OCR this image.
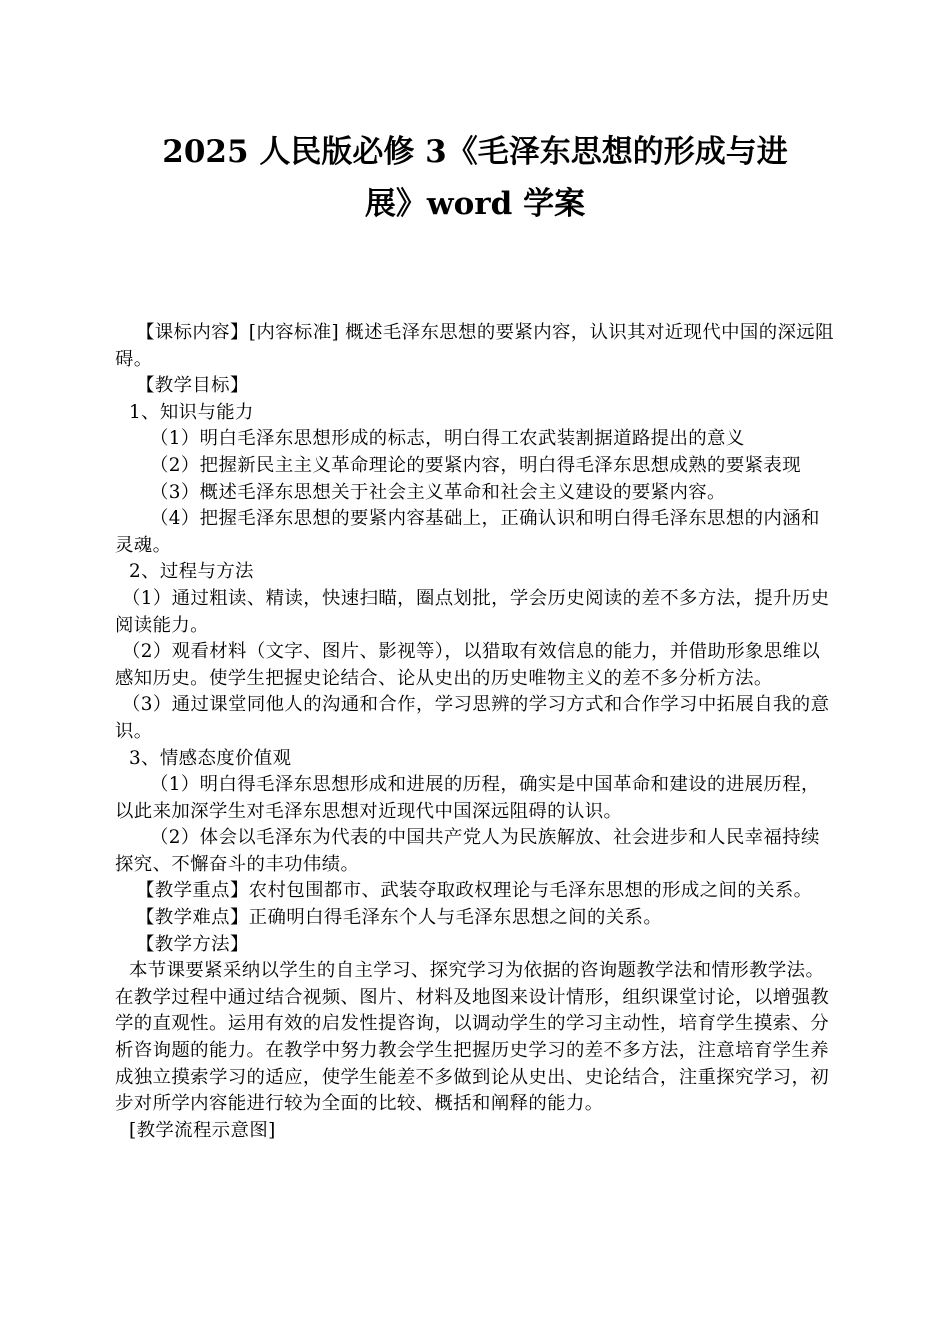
2025 人民版必修 3《毛泽东思想的形成与进
展》word 学案

【课标内容】[内容标准] 概述毛泽东思想的要紧内容，认识其对近现代中国的深远阻碍。

【教学目标】

1、知识与能力

（1）明白毛泽东思想形成的标志，明白得工农武装割据道路提出的意义

（2）把握新民主主义革命理论的要紧内容，明白得毛泽东思想成熟的要紧表现

（3）概述毛泽东思想关于社会主义革命和社会主义建设的要紧内容。

（4）把握毛泽东思想的要紧内容基础上，正确认识和明白得毛泽东思想的内涵和灵魂。

2、过程与方法

（1）通过粗读、精读，快速扫瞄，圈点划批，学会历史阅读的差不多方法，提升历史阅读能力。

（2）观看材料（文字、图片、影视等），以猎取有效信息的能力，并借助形象思维以感知历史。使学生把握史论结合、论从史出的历史唯物主义的差不多分析方法。

（3）通过课堂同他人的沟通和合作，学习思辨的学习方式和合作学习中拓展自我的意识。

3、情感态度价值观

（1）明白得毛泽东思想形成和进展的历程，确实是中国革命和建设的进展历程，以此来加深学生对毛泽东思想对近现代中国深远阻碍的认识。

（2）体会以毛泽东为代表的中国共产党人为民族解放、社会进步和人民幸福持续探究、不懈奋斗的丰功伟绩。

【教学重点】农村包围都市、武装夺取政权理论与毛泽东思想的形成之间的关系。

【教学难点】正确明白得毛泽东个人与毛泽东思想之间的关系。

【教学方法】

本节课要紧采纳以学生的自主学习、探究学习为依据的咨询题教学法和情形教学法。在教学过程中通过结合视频、图片、材料及地图来设计情形，组织课堂讨论，以增强教学的直观性。运用有效的启发性提咨询，以调动学生的学习主动性，培育学生摸索、分析咨询题的能力。在教学中努力教会学生把握历史学习的差不多方法，注意培育学生养成独立摸索学习的适应，使学生能差不多做到论从史出、史论结合，注重探究学习，初步对所学内容能进行较为全面的比较、概括和阐释的能力。

[教学流程示意图]
